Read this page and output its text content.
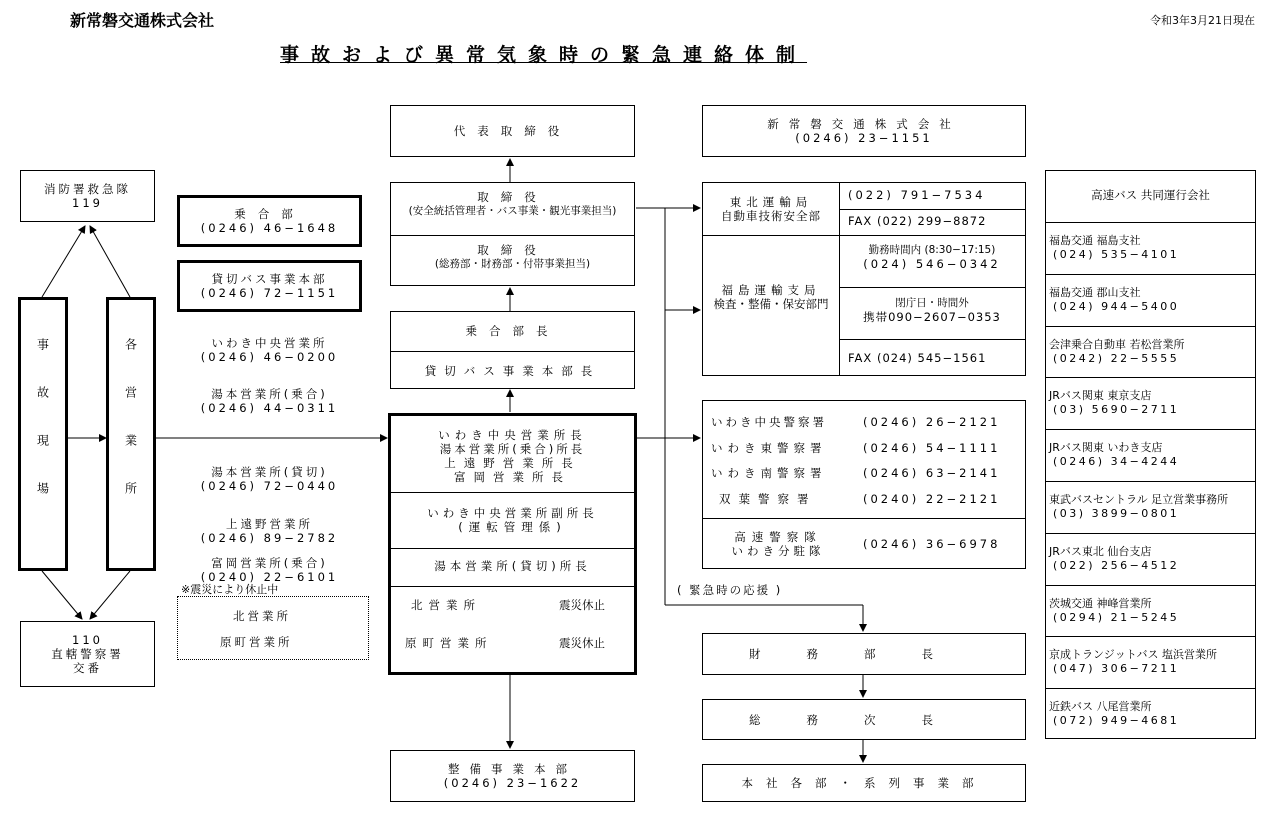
新常磐交通株式会社	令和3年3月21日現在
事故および異常気象時の緊急連絡体制
消防署救急隊
119
110
直轄警察署
交番
事故現場	各営業所
乗合部
(0246) 46−1648
貸切バス事業本部
(0246) 72−1151
いわき中央営業所
(0246) 46−0200
湯本営業所(乗合)
(0246) 44−0311
湯本営業所(貸切)
(0246) 72−0440
上遠野営業所
(0246) 89−2782
富岡営業所(乗合)
(0240) 22−6101
※震災により休止中
北営業所
原町営業所
代表取締役
取締役
(安全統括管理者・バス事業・観光事業担当)
取締役
(総務部・財務部・付帯事業担当)
乗合部長
貸切バス事業本部長
いわき中央営業所長
湯本営業所(乗合)所長
上遠野営業所長
富岡営業所長
いわき中央営業所副所長
(運転管理係)
湯本営業所(貸切)所長
北営業所	震災休止
原町営業所	震災休止
整備事業本部
(0246) 23−1622
新常磐交通株式会社
(0246) 23−1151
東北運輸局
自動車技術安全部
(022) 791−7534
FAX (022) 299−8872
福島運輸支局
検査・整備・保安部門
勤務時間内 (8:30−17:15)
(024) 546−0342
閉庁日・時間外
携帯090−2607−0353
FAX (024) 545−1561
いわき中央警察署	(0246) 26−2121
いわき東警察署	(0246) 54−1111
いわき南警察署	(0246) 63−2141
双葉警察署	(0240) 22−2121
高速警察隊
いわき分駐隊	(0246) 36−6978
( 緊急時の応援 )
財務部長
総務次長
本社各部・系列事業部
高速バス 共同運行会社
福島交通 福島支社
(024) 535−4101
福島交通 郡山支社
(024) 944−5400
会津乗合自動車 若松営業所
(0242) 22−5555
JRバス関東 東京支店
(03) 5690−2711
JRバス関東 いわき支店
(0246) 34−4244
東武バスセントラル 足立営業事務所
(03) 3899−0801
JRバス東北 仙台支店
(022) 256−4512
茨城交通 神峰営業所
(0294) 21−5245
京成トランジットバス 塩浜営業所
(047) 306−7211
近鉄バス 八尾営業所
(072) 949−4681
